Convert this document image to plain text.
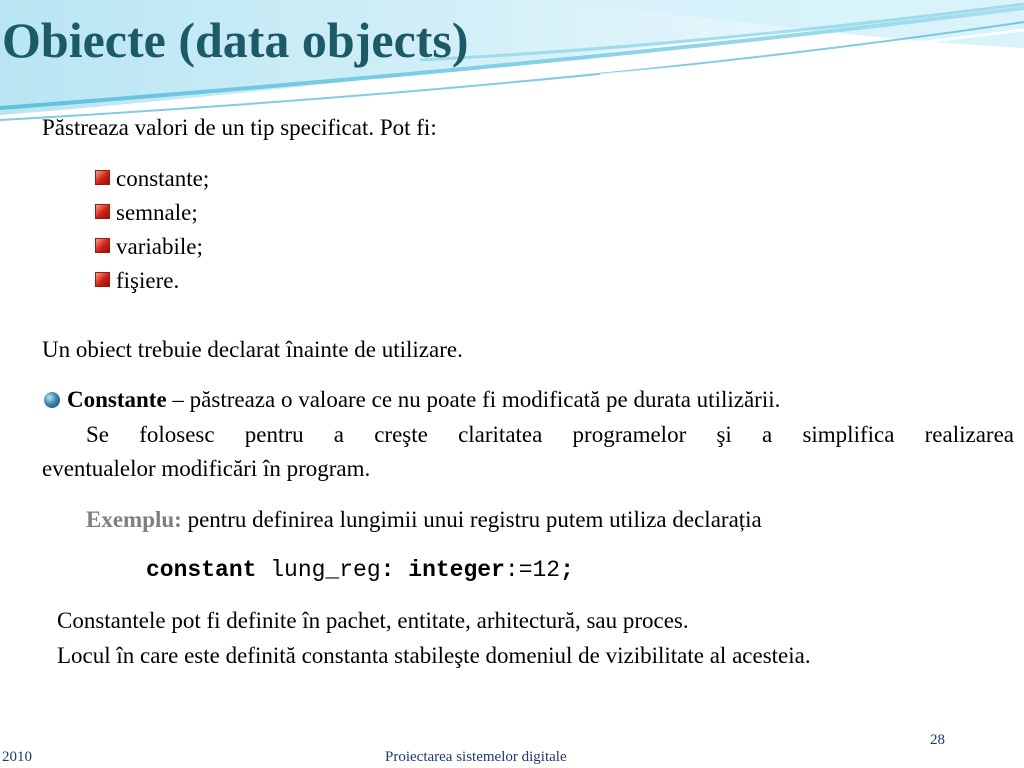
Obiecte (data objects)
Păstreaza valori de un tip specificat. Pot fi:
constante;
semnale;
variabile;
fişiere.
Un obiect trebuie declarat înainte de utilizare.
Constante – păstreaza o valoare ce nu poate fi modificată pe durata utilizării.
Se folosesc pentru a creşte claritatea programelor şi a simplifica realizarea
eventualelor modificări în program.
Exemplu: pentru definirea lungimii unui registru putem utiliza declarația
constant lung_reg: integer:=12;
Constantele pot fi definite în pachet, entitate, arhitectură, sau proces.
Locul în care este definită constanta stabileşte domeniul de vizibilitate al acesteia.
28
2010	Proiectarea sistemelor digitale
